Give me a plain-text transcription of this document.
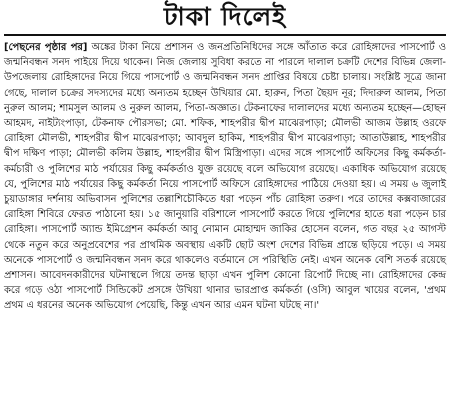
টাকা দিলেই

[পেছনের পৃষ্ঠার পর] অঙ্কের টাকা নিয়ে প্রশাসন ও জনপ্রতিনিধিদের সঙ্গে আঁতাত করে রোহিঙ্গাদের পাসপোর্ট ও জন্মনিবন্ধন সনদ পাইয়ে দিয়ে থাকেন। নিজ জেলায় সুবিধা করতে না পারলে দালাল চক্রটি দেশের বিভিন্ন জেলা-উপজেলায় রোহিঙ্গাদের নিয়ে গিয়ে পাসপোর্ট ও জন্মনিবন্ধন সনদ প্রাপ্তির বিষয়ে চেষ্টা চালায়। সংশ্লিষ্ট সূত্রে জানা গেছে, দালাল চক্রের সদস্যদের মধ্যে অন্যতম হচ্ছেন উখিয়ার মো. হারুন, পিতা ছৈয়দ নূর; দিদারুল আলম, পিতা নুরুল আলম; শামসুল আলম ও নুরুল আলম, পিতা-অজ্ঞাত। টেকনাফের দালালদের মধ্যে অন্যতম হচ্ছেন—হোছন আহমদ, নাইট্যংপাড়া, টেকনাফ পৌরসভা; মো. শফিক, শাহপরীর দ্বীপ মাঝেরপাড়া; মৌলভী আজম উল্লাহ ওরফে রোহিঙ্গা মৌলভী, শাহপরীর দ্বীপ মাঝেরপাড়া; আবদুল হাকিম, শাহপরীর দ্বীপ মাঝেরপাড়া; আতাউল্লাহ, শাহপরীর দ্বীপ দক্ষিণ পাড়া; মৌলভী কলিম উল্লাহ, শাহপরীর দ্বীপ মিস্ত্রিপাড়া। এদের সঙ্গে পাসপোর্ট অফিসের কিছু কর্মকর্তা-কর্মচারী ও পুলিশের মাঠ পর্যায়ের কিছু কর্মকর্তাও যুক্ত রয়েছে বলে অভিযোগ রয়েছে। একাধিক অভিযোগ রয়েছে যে, পুলিশের মাঠ পর্যায়ের কিছু কর্মকর্তা নিয়ে পাসপোর্ট অফিসে রোহিঙ্গাদের পাঠিয়ে দেওয়া হয়। এ সময় ৬ জুলাই চুয়াডাঙ্গার দর্শনায় অভিবাসন পুলিশের তল্লাশিচৌকিতে ধরা পড়েন পাঁচ রোহিঙ্গা তরুণ। পরে তাদের কক্সবাজারের রোহিঙ্গা শিবিরে ফেরত পাঠানো হয়। ১৫ জানুয়ারি বরিশালে পাসপোর্ট করতে গিয়ে পুলিশের হাতে ধরা পড়েন চার রোহিঙ্গা। পাসপোর্ট অ্যান্ড ইমিগ্রেশন কর্মকর্তা আবু নোমান মোহাম্মদ জাকির হোসেন বলেন, গত বছর ২৫ আগস্ট থেকে নতুন করে অনুপ্রবেশের পর প্রাথমিক অবস্থায় একটি ছোট অংশ দেশের বিভিন্ন প্রান্তে ছড়িয়ে পড়ে। এ সময় অনেকে পাসপোর্ট ও জন্মনিবন্ধন সনদ করে থাকলেও বর্তমানে সে পরিস্থিতি নেই। এখন অনেক বেশি সতর্ক রয়েছে প্রশাসন। আবেদনকারীদের ঘটনাস্থলে গিয়ে তদন্ত ছাড়া এখন পুলিশ কোনো রিপোর্ট দিচ্ছে না। রোহিঙ্গাদের কেন্দ্র করে গড়ে ওঠা পাসপোর্ট সিন্ডিকেট প্রসঙ্গে উখিয়া থানার ভারপ্রাপ্ত কর্মকর্তা (ওসি) আবুল খায়ের বলেন, 'প্রথম প্রথম এ ধরনের অনেক অভিযোগ পেয়েছি, কিন্তু এখন আর এমন ঘটনা ঘটছে না।'
